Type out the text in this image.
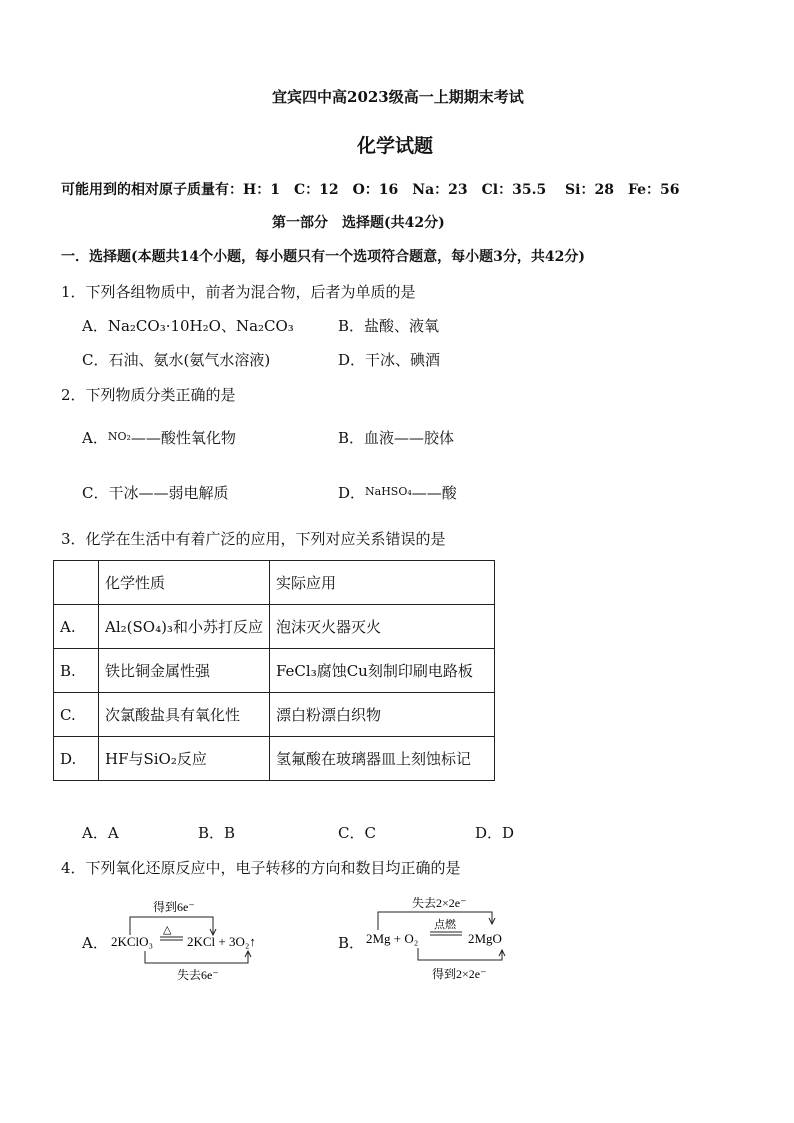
宜宾四中高2023级高一上期期末考试
化学试题
可能用到的相对原子质量有：H：1　C：12　O：16　Na：23　Cl：35.5　 Si：28　Fe：56
第一部分　选择题(共42分)
一．选择题(本题共14个小题，每小题只有一个选项符合题意，每小题3分，共42分)
1．下列各组物质中，前者为混合物，后者为单质的是
A．Na₂CO₃·10H₂O、Na₂CO₃	B．盐酸、液氧
C．石油、氨水(氨气水溶液)	D．干冰、碘酒
2．下列物质分类正确的是
A．$^{NO_2}$——酸性氧化物	B．血液——胶体
C．干冰——弱电解质	D．$^{NaHSO_4}$——酸
3．化学在生活中有着广泛的应用，下列对应关系错误的是
	化学性质	实际应用
A.	Al₂(SO₄)₃和小苏打反应	泡沫灭火器灭火
B.	铁比铜金属性强	FeCl₃腐蚀Cu刻制印刷电路板
C.	次氯酸盐具有氧化性	漂白粉漂白织物
D.	HF与SiO₂反应	氢氟酸在玻璃器皿上刻蚀标记
A．A	B．B	C．C	D．D
4．下列氧化还原反应中，电子转移的方向和数目均正确的是
A．
得到6e⁻
2KClO₃
△
2KCl + 3O₂↑
失去6e⁻
B．
失去2×2e⁻
点燃
2Mg + O₂	2MgO
得到2×2e⁻
